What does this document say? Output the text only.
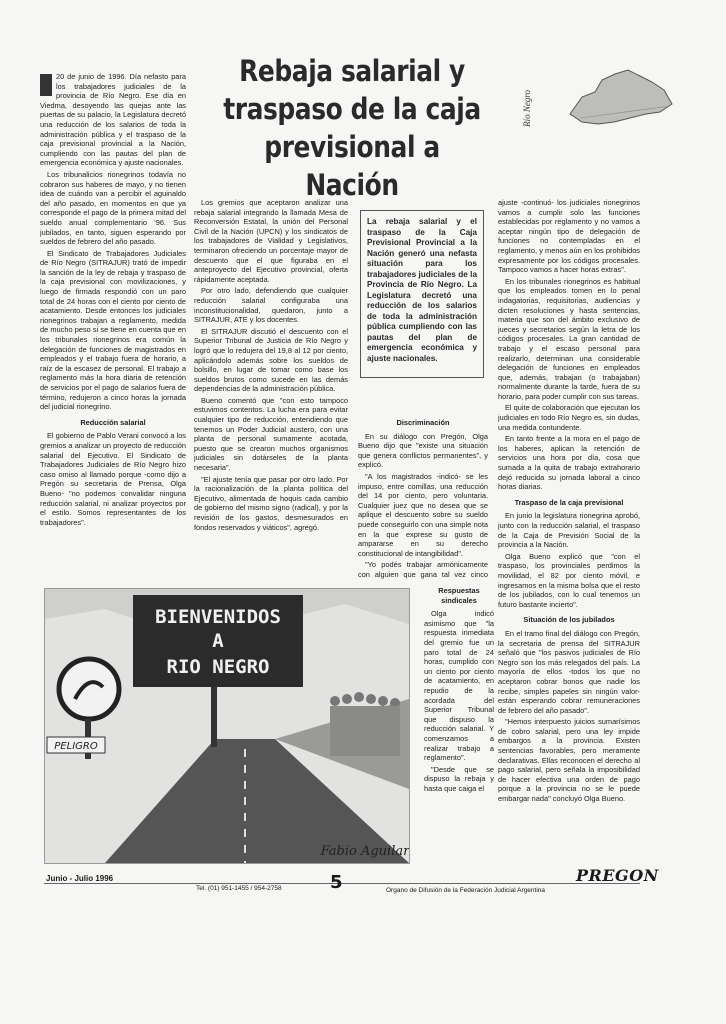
Rebaja salarial y
traspaso de la caja
previsional a Nación
Río Negro

20 de junio de 1996. Día nefasto para los trabajadores judiciales de la provincia de Río Negro. Ese día en Viedma, desoyendo las quejas ante las puertas de su palacio, la Legislatura decretó una reducción de los salarios de toda la administración pública y el traspaso de la caja previsional provincial a la Nación, cumpliendo con las pautas del plan de emergencia económica y ajuste nacionales.

Los tribunalicios rionegrinos todavía no cobraron sus haberes de mayo, y no tienen idea de cuándo van a percibir el aguinaldo del año pasado, en momentos en que ya corresponde el pago de la primera mitad del sueldo anual complementario '96. Sus jubilados, en tanto, siguen esperando por sueldos de febrero del año pasado.

El Sindicato de Trabajadores Judiciales de Río Negro (SITRAJUR) trató de impedir la sanción de la ley de rebaja y traspaso de la caja previsional con movilizaciones, y luego de firmada respondió con un paro total de 24 horas con el ciento por ciento de acatamiento. Desde entonces los judiciales rionegrinos trabajan a reglamento, medida de mucho peso si se tiene en cuenta que en los tribunales rionegrinos era común la delegación de funciones de magistrados en empleados y el trabajo fuera de horario, a raíz de la escasez de personal. El trabajo a reglamento más la hora diaria de retención de servicios por el pago de salarios fuera de término, redujeron a cinco horas la jornada del judicial rionegrino.

Reducción salarial

El gobierno de Pablo Verani convocó a los gremios a analizar un proyecto de reducción salarial del Ejecutivo. El Sindicato de Trabajadores Judiciales de Río Negro hizo caso omiso al llamado porque -como dijo a Pregón su secretaria de Prensa, Olga Bueno- "no podemos convalidar ninguna reducción salarial, ni analizar proyectos por el estilo. Somos representantes de los trabajadores".

Los gremios que aceptaron analizar una rebaja salarial integrando la llamada Mesa de Reconversión Estatal, la unión del Personal Civil de la Nación (UPCN) y los sindicatos de los trabajadores de Vialidad y Legislativos, terminaron ofreciendo un porcentaje mayor de descuento que el que figuraba en el anteproyecto del Ejecutivo provincial, oferta rápidamente aceptada.

Por otro lado, defendiendo que cualquier reducción salarial configuraba una inconstitucionalidad, quedaron, junto a SITRAJUR, ATE y los docentes.

El SITRAJUR discutió el descuento con el Superior Tribunal de Justicia de Río Negro y logró que lo redujera del 19,8 al 12 por ciento, aplicándolo además sobre los sueldos de bolsillo, en lugar de tomar como base los sueldos brutos como sucede en las demás dependencias de la administración pública.

Bueno comentó que "con esto tampoco estuvimos contentos. La lucha era para evitar cualquier tipo de reducción, entendiendo que tenemos un Poder Judicial austero, con una planta de personal sumamente acotada, puesto que se crearon muchos organismos judiciales sin dotárseles de la planta necesaria".

"El ajuste tenía que pasar por otro lado. Por la racionalización de la planta política del Ejecutivo, alimentada de hoquis cada cambio de gobierno del mismo signo (radical), y por la revisión de los gastos, desmesurados en fondos reservados y viáticos", agregó.

La rebaja salarial y el traspaso de la Caja Previsional Provincial a la Nación generó una nefasta situación para los trabajadores judiciales de la Provincia de Río Negro. La Legislatura decretó una reducción de los salarios de toda la administración pública cumpliendo con las pautas del plan de emergencia económica y ajuste nacionales.
Discriminación

En su diálogo con Pregón, Olga Bueno dijo que "existe una situación que genera conflictos permanentes", y explicó.

"A los magistrados -indicó- se les impuso, entre comillas, una reducción del 14 por ciento, pero voluntaria. Cualquier juez que no desea que se aplique el descuento sobre su sueldo puede conseguirlo con una simple nota en la que exprese su gusto de ampararse en su derecho constitucional de intangibilidad".

"Yo podés trabajar armónicamente con alguien que gana tal vez cinco

Respuestas sindicales

Olga indicó asimismo que "la respuesta inmediata del gremio fue un paro total de 24 horas, cumplido con un ciento por ciento de acatamiento, en repudio de la acordada del Superior Tribunal que dispuso la reducción salarial. Y comenzamos a realizar trabajo a reglamento".

"Desde que se dispuso la rebaja y hasta que caiga el

ajuste -continuó- los judiciales rionegrinos vamos a cumplir solo las funciones establecidas por reglamento y no vamos a aceptar ningún tipo de delegación de funciones no contempladas en el reglamento, y menos aún en los prohibidos expresamente por los códigos procesales. Tampoco vamos a hacer horas extras".

En los tribunales rionegrinos es habitual que los empleados tomen en lo penal indagatorias, requisitorias, audiencias y dicten resoluciones y hasta sentencias, materia que son del ámbito exclusivo de jueces y secretarios según la letra de los códigos procesales. La gran cantidad de trabajo y el escaso personal para realizarlo, determinan una considerable delegación de funciones en empleados que, además, trabajan (o trabajaban) normalmente durante la tarde, fuera de su horario, para poder cumplir con sus tareas.

El quite de colaboración que ejecutan los judiciales en todo Río Negro es, sin dudas, una medida contundente.

En tanto frente a la mora en el pago de los haberes, aplican la retención de servicios una hora por día, cosa que sumada a la quita de trabajo extrahorario dejó reducida su jornada laboral a cinco horas diarias.

Traspaso de la caja previsional

En junio la legislatura rionegrina aprobó, junto con la reducción salarial, el traspaso de la Caja de Previsión Social de la provincia a la Nación.

Olga Bueno explicó que "con el traspaso, los provinciales perdimos la movilidad, el 82 por ciento móvil, e ingresamos en la misma bolsa que el resto de los jubilados, con lo cual tenemos un futuro bastante incierto".

Situación de los jubilados

En el tramo final del diálogo con Pregón, la secretaria de prensa del SITRAJUR señaló que "los pasivos judiciales de Río Negro son los más relegados del país. La mayoría de ellos -todos los que no aceptaron cobrar bonos que nadie los recibe, simples papeles sin ningún valor- están esperando cobrar remuneraciones de febrero del año pasado".

"Hemos interpuesto juicios sumarísimos de cobro salarial, pero una ley impide embargos a la provincia. Existen sentencias favorables, pero meramente declarativas. Ellas reconocen el derecho al pago salarial, pero señala la imposibilidad de hacer efectiva una orden de pago porque a la provincia no se le puede embargar nada" concluyó Olga Bueno.

BIENVENIDOS
A
RIO NEGRO
PELIGRO
Fabio Aguilar
Junio - Julio 1996
Tel. (01) 951-1455 / 954-2758	5	Organo de Difusión de la Federación Judicial Argentina
PREGON
